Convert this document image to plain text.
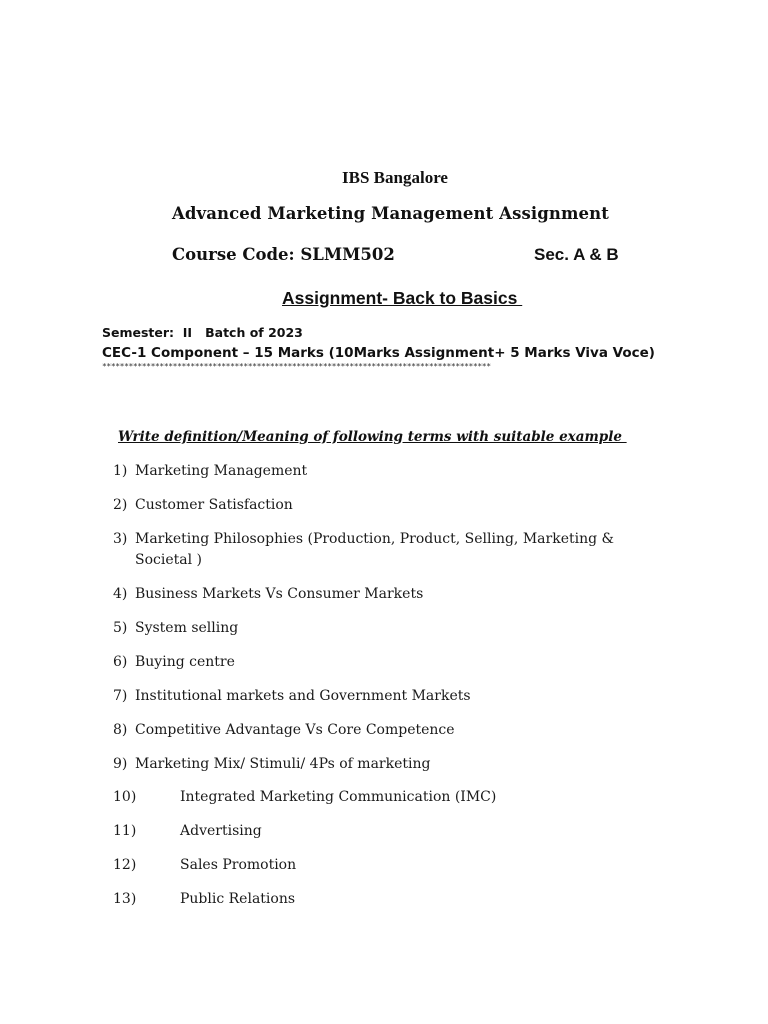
IBS Bangalore
Advanced Marketing Management Assignment
Course Code: SLMM502	Sec. A & B
Assignment- Back to Basics
Semester:  II   Batch of 2023
CEC-1 Component – 15 Marks (10Marks Assignment+ 5 Marks Viva Voce)
****************************************************************************************
Write definition/Meaning of following terms with suitable example
1) Marketing Management
2) Customer Satisfaction
3) Marketing Philosophies (Production, Product, Selling, Marketing & Societal )
4) Business Markets Vs Consumer Markets
5) System selling
6) Buying centre
7) Institutional markets and Government Markets
8) Competitive Advantage Vs Core Competence
9) Marketing Mix/ Stimuli/ 4Ps of marketing
10)	Integrated Marketing Communication (IMC)
11)	Advertising
12)	Sales Promotion
13)	Public Relations
